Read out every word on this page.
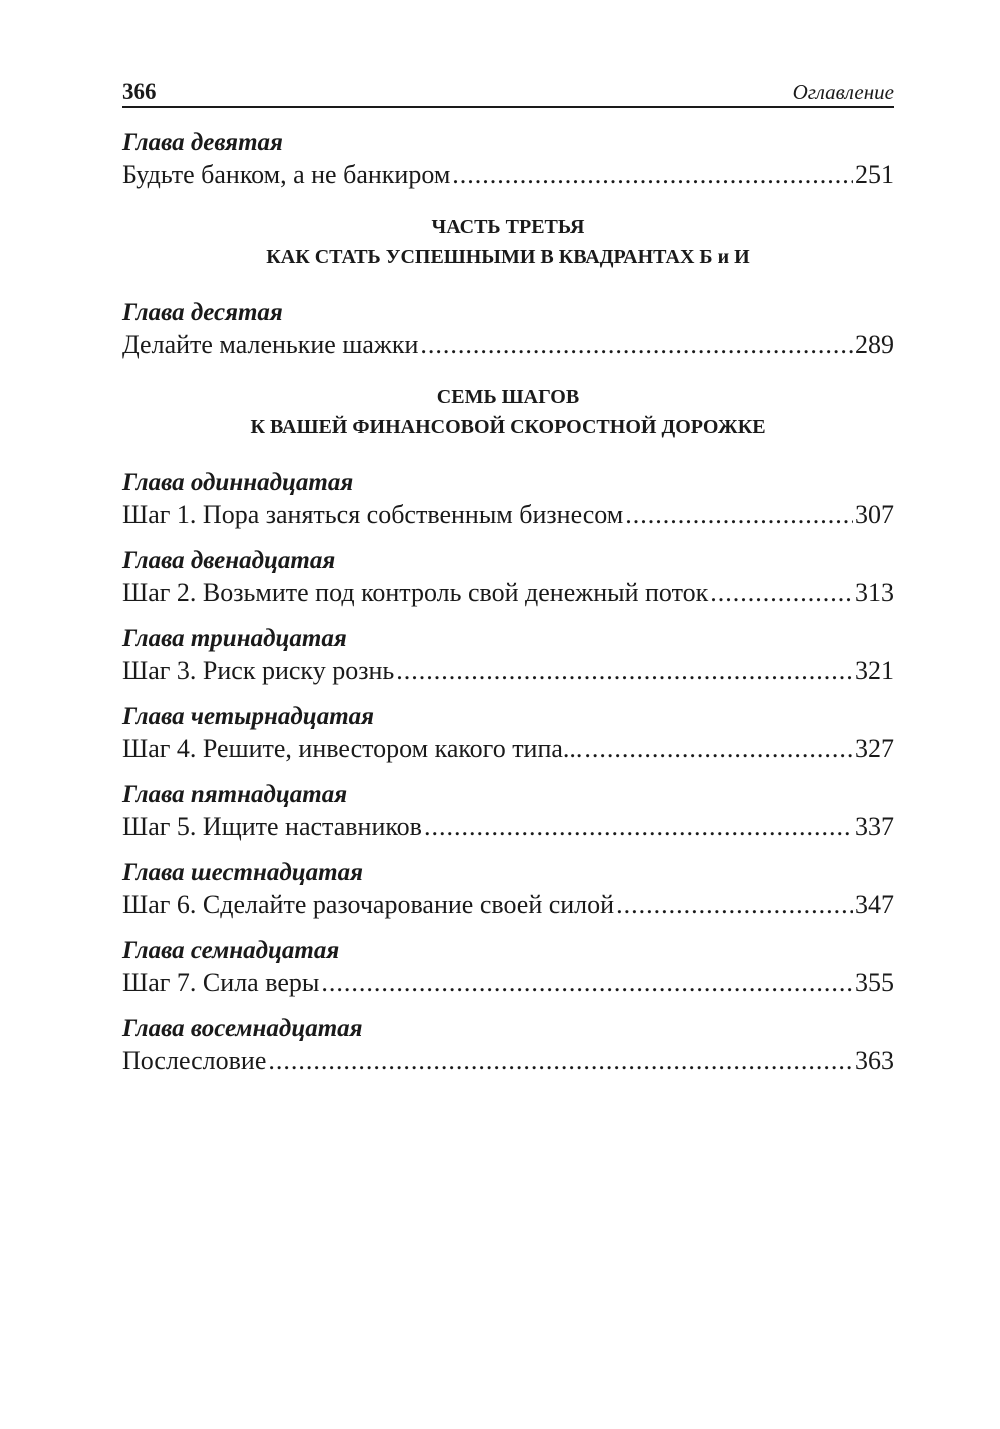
366	Оглавление
Глава девятая
Будьте банком, а не банкиром .....	251
ЧАСТЬ ТРЕТЬЯ
КАК СТАТЬ УСПЕШНЫМИ В КВАДРАНТАХ Б и И
Глава десятая
Делайте маленькие шажки .....	289
СЕМЬ ШАГОВ
К ВАШЕЙ ФИНАНСОВОЙ СКОРОСТНОЙ ДОРОЖКЕ
Глава одиннадцатая
Шаг 1. Пора заняться собственным бизнесом .....	307
Глава двенадцатая
Шаг 2. Возьмите под контроль свой денежный поток .....	313
Глава тринадцатая
Шаг 3. Риск риску рознь .....	321
Глава четырнадцатая
Шаг 4. Решите, инвестором какого типа... .....	327
Глава пятнадцатая
Шаг 5. Ищите наставников .....	337
Глава шестнадцатая
Шаг 6. Сделайте разочарование своей силой .....	347
Глава семнадцатая
Шаг 7. Сила веры .....	355
Глава восемнадцатая
Послесловие .....	363
